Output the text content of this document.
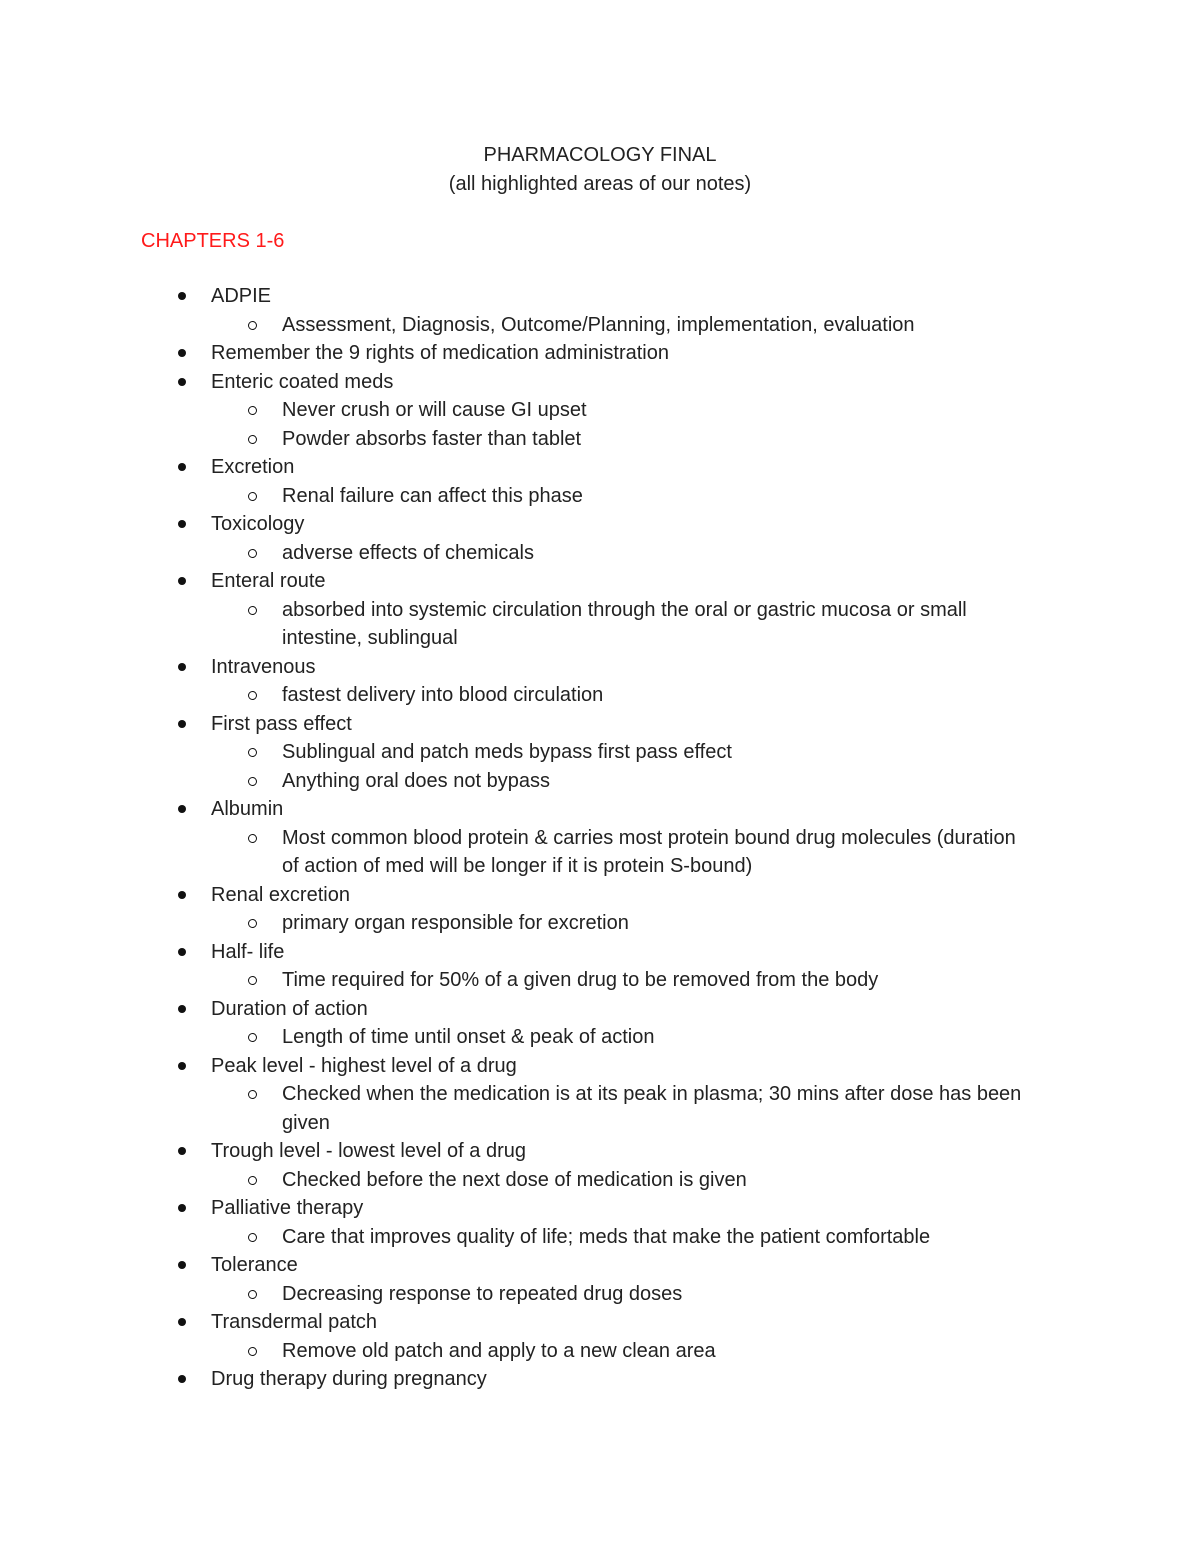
PHARMACOLOGY FINAL
(all highlighted areas of our notes)
CHAPTERS 1-6
ADPIE
Assessment, Diagnosis, Outcome/Planning, implementation, evaluation
Remember the 9 rights of medication administration
Enteric coated meds
Never crush or will cause GI upset
Powder absorbs faster than tablet
Excretion
Renal failure can affect this phase
Toxicology
adverse effects of chemicals
Enteral route
absorbed into systemic circulation through the oral or gastric mucosa or small intestine, sublingual
Intravenous
fastest delivery into blood circulation
First pass effect
Sublingual and patch meds bypass first pass effect
Anything oral does not bypass
Albumin
Most common blood protein & carries most protein bound drug molecules (duration of action of med will be longer if it is protein S-bound)
Renal excretion
primary organ responsible for excretion
Half- life
Time required for 50% of a given drug to be removed from the body
Duration of action
Length of time until onset & peak of action
Peak level - highest level of a drug
Checked when the medication is at its peak in plasma; 30 mins after dose has been given
Trough level - lowest level of a drug
Checked before the next dose of medication is given
Palliative therapy
Care that improves quality of life; meds that make the patient comfortable
Tolerance
Decreasing response to repeated drug doses
Transdermal patch
Remove old patch and apply to a new clean area
Drug therapy during pregnancy
